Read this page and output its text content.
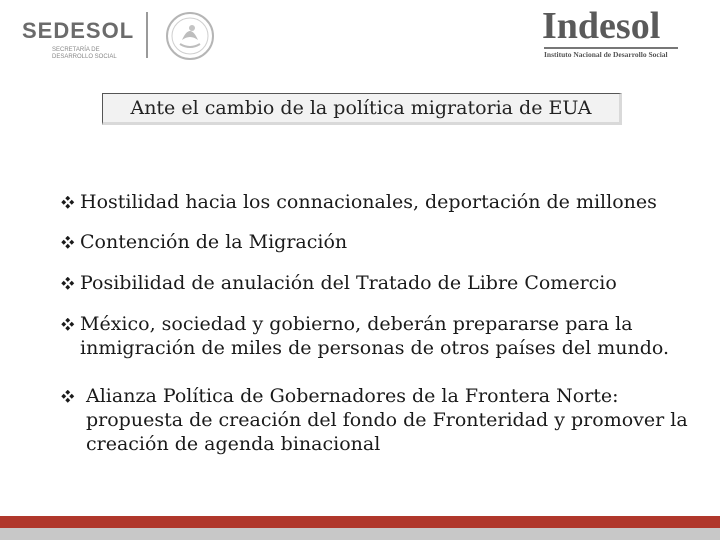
SEDESOL
SECRETARÍA DE DESARROLLO SOCIAL
Indesol
Instituto Nacional de Desarrollo Social
Ante el cambio de la política migratoria de EUA
Hostilidad hacia los connacionales, deportación de millones
Contención de la Migración
Posibilidad de anulación del Tratado de Libre Comercio
México, sociedad y gobierno, deberán prepararse para la inmigración de miles de personas de otros países del mundo.
Alianza Política de Gobernadores de la Frontera Norte: propuesta de creación del fondo de Fronteridad y promover la creación de agenda binacional
